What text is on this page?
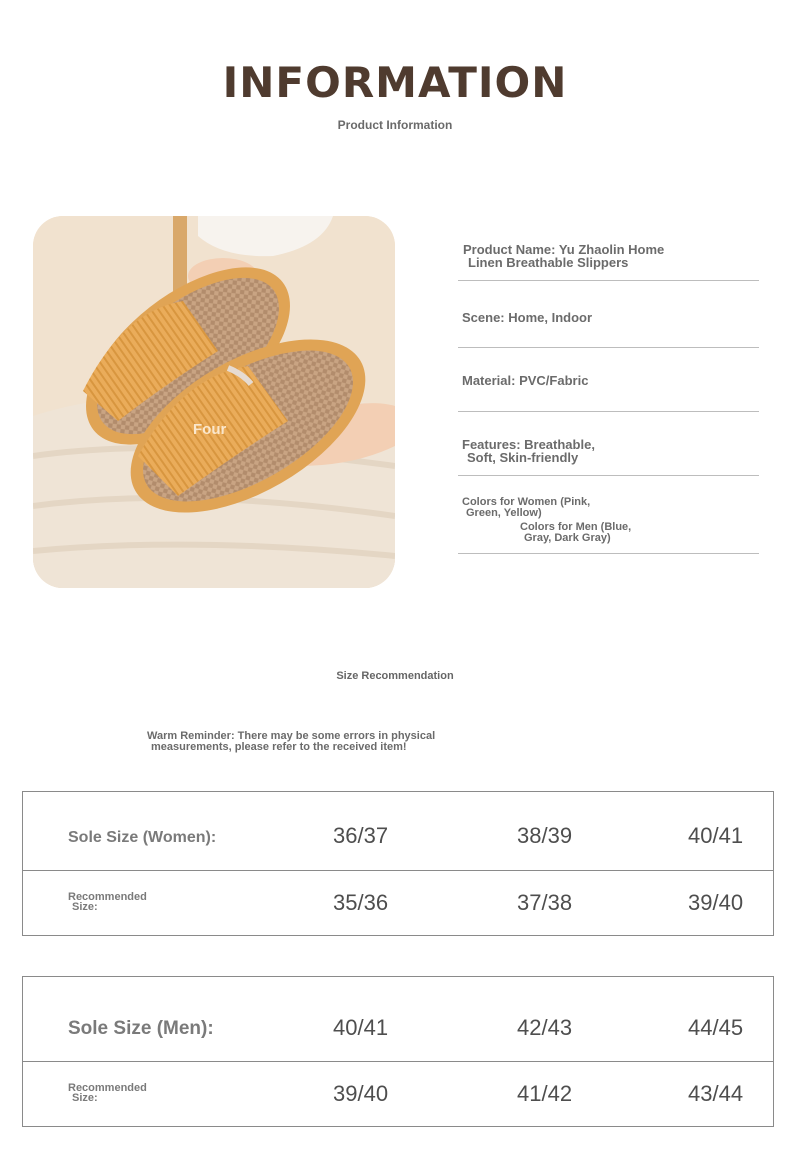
INFORMATION
Product Information
Four
Product Name: Yu Zhaolin Home
Linen Breathable Slippers
Scene: Home, Indoor
Material: PVC/Fabric
Features: Breathable,
Soft, Skin-friendly
Colors for Women (Pink,
Green, Yellow)
Colors for Men (Blue,
Gray, Dark Gray)
Size Recommendation
Warm Reminder: There may be some errors in physical
measurements, please refer to the received item!
Sole Size (Women):	36/37	38/39	40/41

Recommended
Size:	35/36	37/38	39/40
Sole Size (Men):	40/41	42/43	44/45

Recommended
Size:	39/40	41/42	43/44
